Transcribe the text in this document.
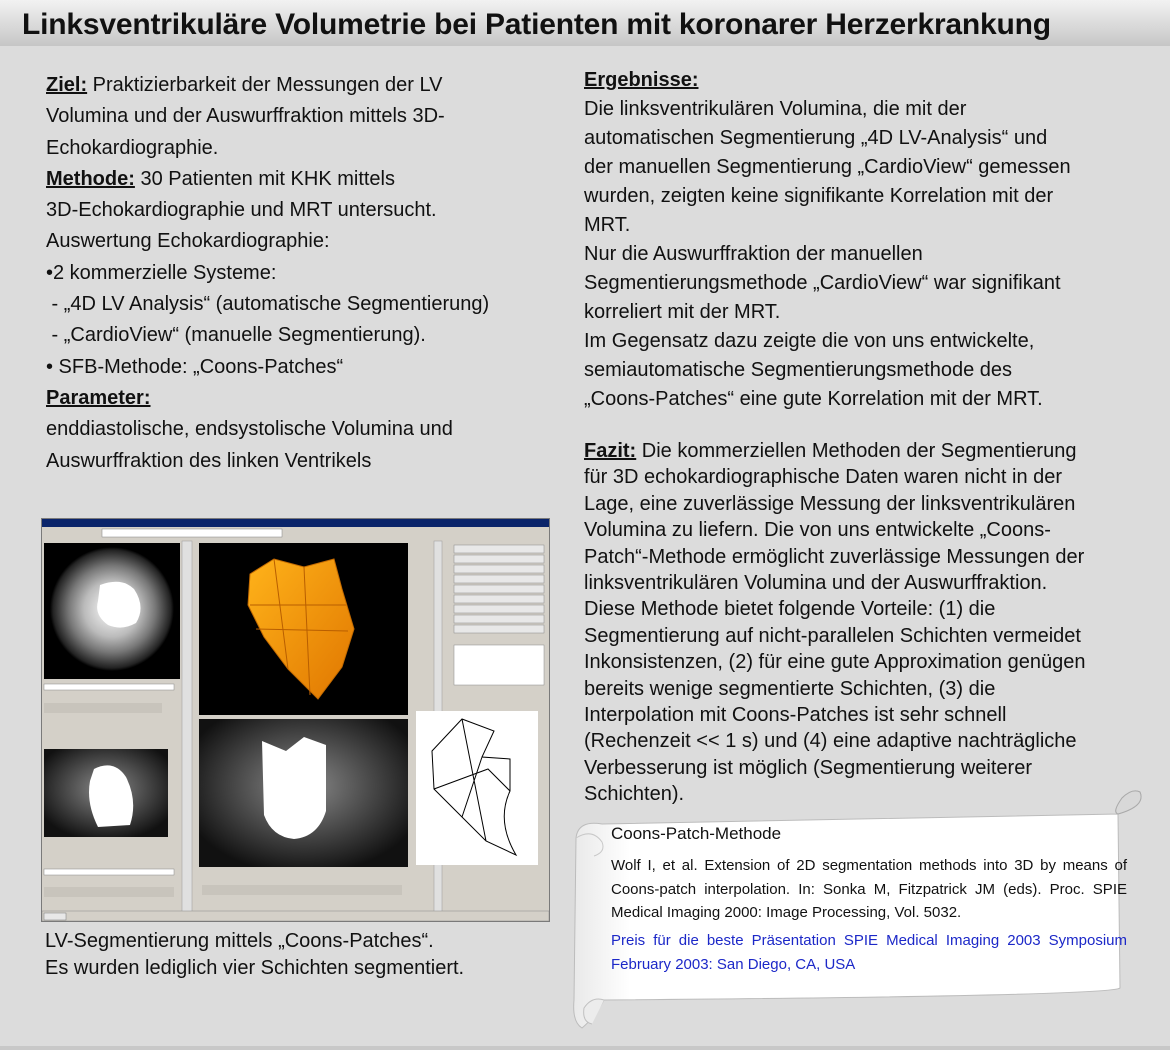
Linksventrikuläre Volumetrie bei Patienten mit koronarer Herzerkrankung

Ziel: Praktizierbarkeit der Messungen der LV

Volumina und der Auswurffraktion mittels 3D-

Echokardiographie.

Methode: 30 Patienten mit KHK mittels

3D-Echokardiographie und MRT untersucht.

Auswertung Echokardiographie:

•2 kommerzielle Systeme:

- „4D LV Analysis“ (automatische Segmentierung)

- „CardioView“ (manuelle Segmentierung).

• SFB-Methode: „Coons-Patches“

Parameter:

enddiastolische, endsystolische Volumina und

Auswurffraktion des linken Ventrikels

Ergebnisse:

Die linksventrikulären Volumina, die mit der

automatischen Segmentierung „4D LV-Analysis“ und

der manuellen Segmentierung „CardioView“ gemessen

wurden, zeigten keine signifikante Korrelation mit der

MRT.

Nur die Auswurffraktion der manuellen

Segmentierungsmethode „CardioView“ war signifikant

korreliert mit der MRT.

Im Gegensatz dazu zeigte die von uns entwickelte,

semiautomatische Segmentierungsmethode des

„Coons-Patches“ eine gute Korrelation mit der MRT.

Fazit: Die kommerziellen Methoden der Segmentierung

für 3D echokardiographische Daten waren nicht in der

Lage, eine zuverlässige Messung der linksventrikulären

Volumina zu liefern. Die von uns entwickelte „Coons-

Patch“-Methode ermöglicht zuverlässige Messungen der

linksventrikulären Volumina und der Auswurffraktion.

Diese Methode bietet folgende Vorteile: (1) die

Segmentierung auf nicht-parallelen Schichten vermeidet

Inkonsistenzen, (2) für eine gute Approximation genügen

bereits wenige segmentierte Schichten, (3) die

Interpolation mit Coons-Patches ist sehr schnell

(Rechenzeit << 1 s) und (4) eine adaptive nachträgliche

Verbesserung ist möglich (Segmentierung weiterer

Schichten).

LV-Segmentierung mittels „Coons-Patches“.
Es wurden lediglich vier Schichten segmentiert.
Coons-Patch-Methode
Wolf I, et al. Extension of 2D segmentation methods into 3D by means of Coons-patch interpolation. In: Sonka M, Fitzpatrick JM (eds). Proc. SPIE Medical Imaging 2000: Image Processing, Vol. 5032.
Preis für die beste Präsentation SPIE Medical Imaging 2003 Symposium February 2003: San Diego, CA, USA
